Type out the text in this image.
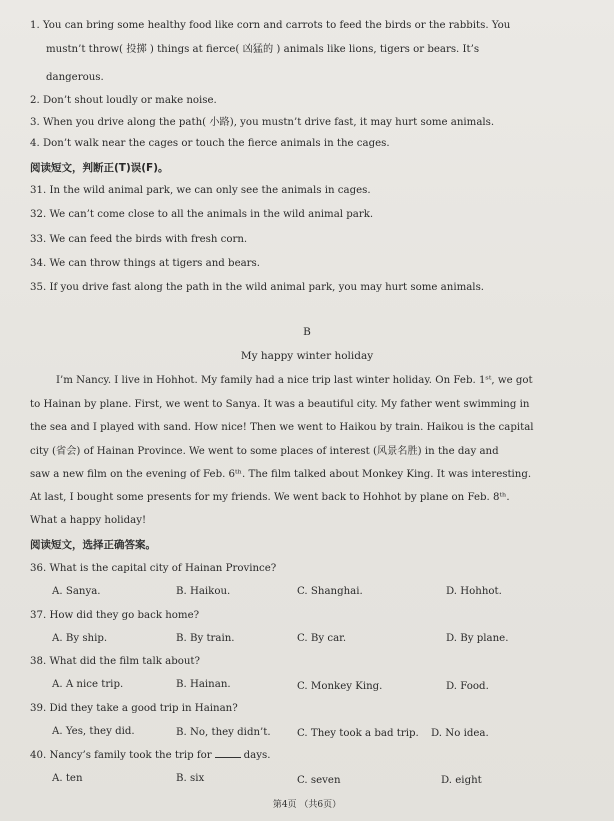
1. You can bring some healthy food like corn and carrots to feed the birds or the rabbits. You
mustn’t throw( 投掷 ) things at fierce( 凶猛的 ) animals like lions, tigers or bears. It’s
dangerous.
2. Don’t shout loudly or make noise.
3. When you drive along the path( 小路), you mustn’t drive fast, it may hurt some animals.
4. Don’t walk near the cages or touch the fierce animals in the cages.
阅读短文，判断正(T)误(F)。
31. In the wild animal park, we can only see the animals in cages.
32. We can’t come close to all the animals in the wild animal park.
33. We can feed the birds with fresh corn.
34. We can throw things at tigers and bears.
35. If you drive fast along the path in the wild animal park, you may hurt some animals.
B
My happy winter holiday
I’m Nancy. I live in Hohhot. My family had a nice trip last winter holiday. On Feb. 1ˢᵗ, we got
to Hainan by plane. First, we went to Sanya. It was a beautiful city. My father went swimming in
the sea and I played with sand. How nice! Then we went to Haikou by train. Haikou is the capital
city (省会) of Hainan Province. We went to some places of interest (风景名胜) in the day and
saw a new film on the evening of Feb. 6ᵗʰ. The film talked about Monkey King. It was interesting.
At last, I bought some presents for my friends. We went back to Hohhot by plane on Feb. 8ᵗʰ.
What a happy holiday!
阅读短文，选择正确答案。
36. What is the capital city of Hainan Province?
A. Sanya.	B. Haikou.	C. Shanghai.	D. Hohhot.
37. How did they go back home?
A. By ship.	B. By train.	C. By car.	D. By plane.
38. What did the film talk about?
A. A nice trip.	B. Hainan.	C. Monkey King.	D. Food.
39. Did they take a good trip in Hainan?
A. Yes, they did.	B. No, they didn’t.	C. They took a bad trip. D. No idea.
40. Nancy’s family took the trip for	days.
A. ten	B. six	C. seven	D. eight
第4页 （共6页）
